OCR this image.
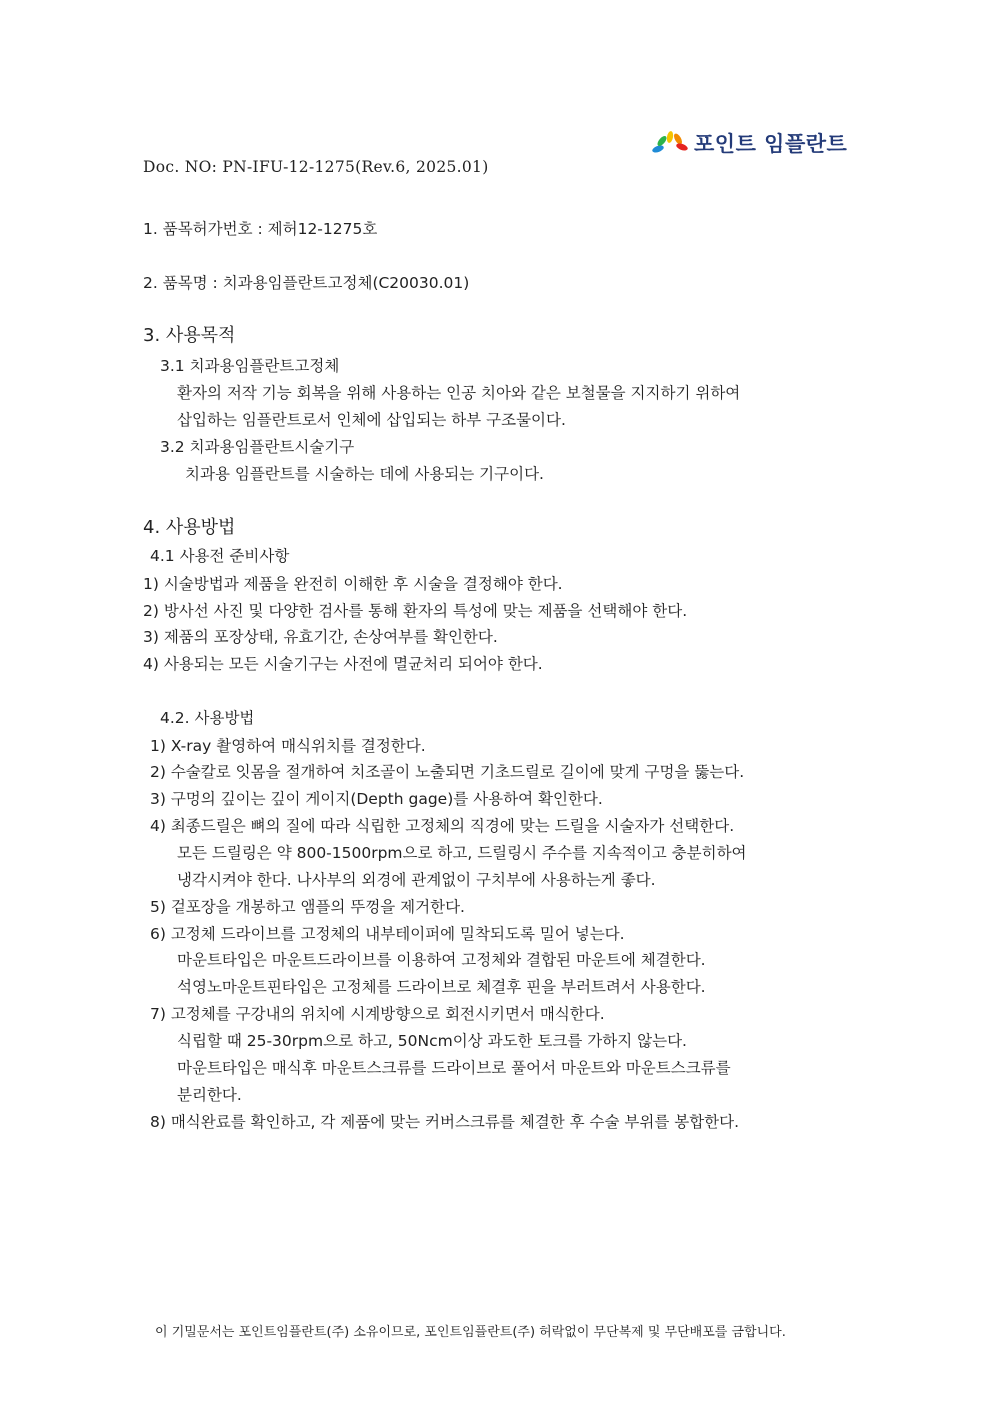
포인트 임플란트
Doc. NO: PN-IFU-12-1275(Rev.6, 2025.01)
1. 품목허가번호 : 제허12-1275호
2. 품목명 : 치과용임플란트고정체(C20030.01)
3. 사용목적
3.1 치과용임플란트고정체
환자의 저작 기능 회복을 위해 사용하는 인공 치아와 같은 보철물을 지지하기 위하여
삽입하는 임플란트로서 인체에 삽입되는 하부 구조물이다.
3.2 치과용임플란트시술기구
치과용 임플란트를 시술하는 데에 사용되는 기구이다.
4. 사용방법
4.1 사용전 준비사항
1) 시술방법과 제품을 완전히 이해한 후 시술을 결정해야 한다.
2) 방사선 사진 및 다양한 검사를 통해 환자의 특성에 맞는 제품을 선택해야 한다.
3) 제품의 포장상태, 유효기간, 손상여부를 확인한다.
4) 사용되는 모든 시술기구는 사전에 멸균처리 되어야 한다.
4.2. 사용방법
1) X-ray 촬영하여 매식위치를 결정한다.
2) 수술칼로 잇몸을 절개하여 치조골이 노출되면 기초드릴로 길이에 맞게 구멍을 뚫는다.
3) 구멍의 깊이는 깊이 게이지(Depth gage)를 사용하여 확인한다.
4) 최종드릴은 뼈의 질에 따라 식립한 고정체의 직경에 맞는 드릴을 시술자가 선택한다.
모든 드릴링은 약 800-1500rpm으로 하고, 드릴링시 주수를 지속적이고 충분히하여
냉각시켜야 한다. 나사부의 외경에 관계없이 구치부에 사용하는게 좋다.
5) 겉포장을 개봉하고 앰플의 뚜껑을 제거한다.
6) 고정체 드라이브를 고정체의 내부테이퍼에 밀착되도록 밀어 넣는다.
마운트타입은 마운트드라이브를 이용하여 고정체와 결합된 마운트에 체결한다.
석영노마운트핀타입은 고정체를 드라이브로 체결후 핀을 부러트려서 사용한다.
7) 고정체를 구강내의 위치에 시계방향으로 회전시키면서 매식한다.
식립할 때 25-30rpm으로 하고, 50Ncm이상 과도한 토크를 가하지 않는다.
마운트타입은 매식후 마운트스크류를 드라이브로 풀어서 마운트와 마운트스크류를
분리한다.
8) 매식완료를 확인하고, 각 제품에 맞는 커버스크류를 체결한 후 수술 부위를 봉합한다.
이 기밀문서는 포인트임플란트(주) 소유이므로, 포인트임플란트(주) 허락없이 무단복제 및 무단배포를 금합니다.
